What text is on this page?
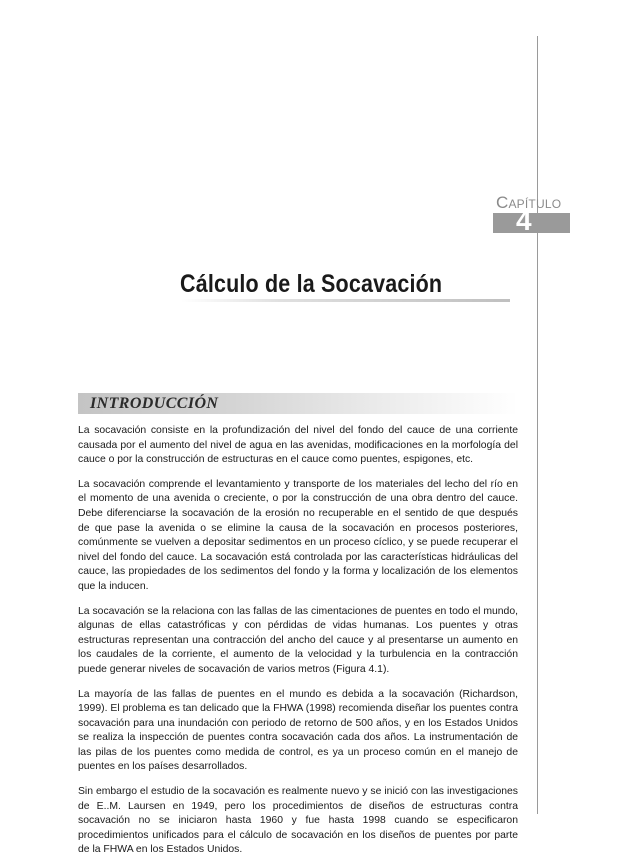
Capítulo
4
Cálculo de la Socavación
INTRODUCCIÓN

La socavación consiste en la profundización del nivel del fondo del cauce de una corriente causada por el aumento del nivel de agua en las avenidas, modificaciones en la morfología del cauce o por la construcción de estructuras en el cauce como puentes, espigones, etc.

La socavación comprende el levantamiento y transporte de los materiales del lecho del río en el momento de una avenida o creciente, o por la construcción de una obra dentro del cauce. Debe diferenciarse la socavación de la erosión no recuperable en el sentido de que después de que pase la avenida o se elimine la causa de la socavación en procesos posteriores, comúnmente se vuelven a depositar sedimentos en un proceso cíclico, y se puede recuperar el nivel del fondo del cauce. La socavación está controlada por las características hidráulicas del cauce, las propiedades de los sedimentos del fondo y la forma y localización de los elementos que la inducen.

La socavación se la relaciona con las fallas de las cimentaciones de puentes en todo el mundo, algunas de ellas catastróficas y con pérdidas de vidas humanas. Los puentes y otras estructuras representan una contracción del ancho del cauce y al presentarse un aumento en los caudales de la corriente, el aumento de la velocidad y la turbulencia en la contracción puede generar niveles de socavación de varios metros (Figura 4.1).

La mayoría de las fallas de puentes en el mundo es debida a la socavación (Richardson, 1999). El problema es tan delicado que la FHWA (1998) recomienda diseñar los puentes contra socavación para una inundación con periodo de retorno de 500 años, y en los Estados Unidos se realiza la inspección de puentes contra socavación cada dos años. La instrumentación de las pilas de los puentes como medida de control, es ya un proceso común en el manejo de puentes en los países desarrollados.

Sin embargo el estudio de la socavación es realmente nuevo y se inició con las investigaciones de E..M. Laursen en 1949, pero los procedimientos de diseños de estructuras contra socavación no se iniciaron hasta 1960 y fue hasta 1998 cuando se especificaron procedimientos unificados para el cálculo de socavación en los diseños de puentes por parte de la FHWA en los Estados Unidos.
